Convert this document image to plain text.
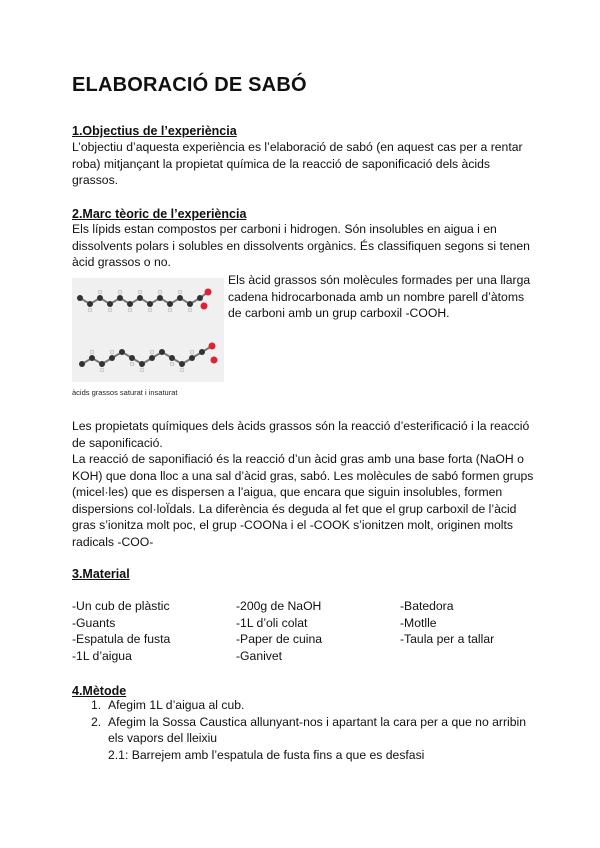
ELABORACIÓ DE SABÓ

1.Objectius de l’experiència

L’objectiu d’aquesta experiència es l’elaboració de sabó (en aquest cas per a rentar roba) mitjançant la propietat química de la reacció de saponificació dels àcids grassos.

2.Marc tèoric de l’experiència

Els lípids estan compostos per carboni i hidrogen. Són insolubles en aigua i en dissolvents polars i solubles en dissolvents orgànics. És classifiquen segons si tenen àcid grassos o no.

àcids grassos saturat i insaturat

Els àcid grassos són molècules formades per una llarga cadena hidrocarbonada amb un nombre parell d’àtoms de carboni amb un grup carboxil -COOH.

Les propietats químiques dels àcids grassos són la reacció d’esterificació i la reacció de saponificació.

La reacció de saponifiació és la reacció d’un àcid gras amb una base forta (NaOH o KOH) que dona lloc a una sal d’àcid gras, sabó. Les molècules de sabó formen grups (micel·les) que es dispersen a l’aigua, que encara que siguin insolubles, formen dispersions col·loÏdals. La diferència és deguda al fet que el grup carboxil de l’àcid gras s’ionitza molt poc, el grup -COONa i el -COOK s’ionitzen molt, originen molts radicals -COO-

3.Material

-Un cub de plàstic
-Guants
-Espatula de fusta
-1L d’aigua
-200g de NaOH
-1L d’oli colat
-Paper de cuina
-Ganivet
-Batedora
-Motlle
-Taula per a tallar

4.Mètode

1. Afegim 1L d’aigua al cub.
2. Afegim la Sossa Caustica allunyant-nos i apartant la cara per a que no arribin els vapors del lleixiu
2.1: Barrejem amb l’espatula de fusta fins a que es desfasi
